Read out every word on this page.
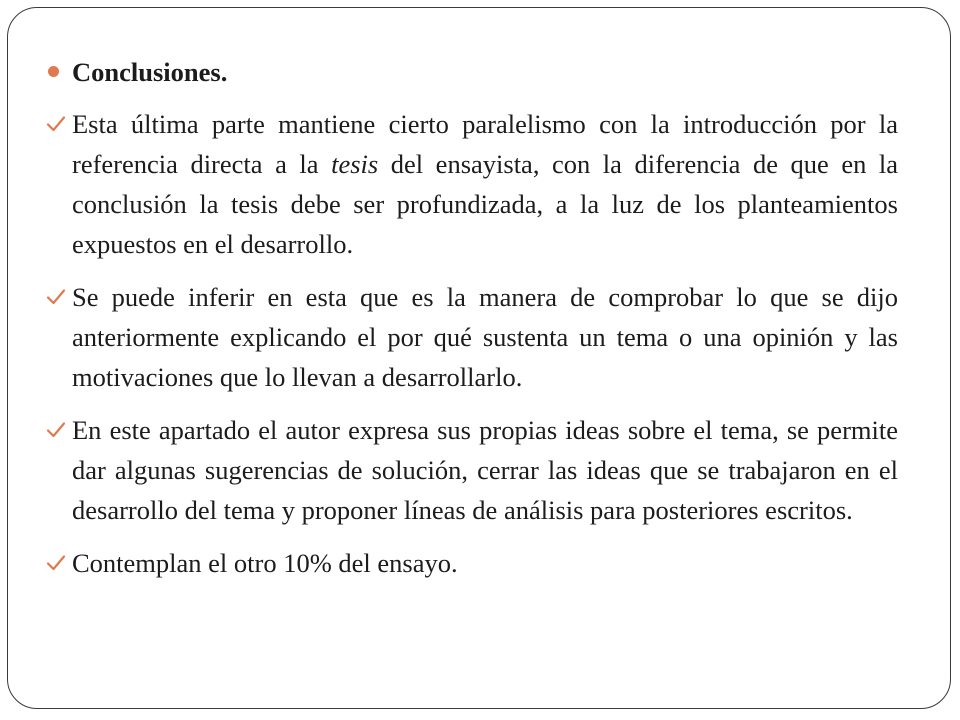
Conclusiones.
Esta última parte mantiene cierto paralelismo con la introducción por la referencia directa a la tesis del ensayista, con la diferencia de que en la conclusión la tesis debe ser profundizada, a la luz de los planteamientos expuestos en el desarrollo.
Se puede inferir en esta que es la manera de comprobar lo que se dijo anteriormente explicando el por qué sustenta un tema o una opinión y las motivaciones que lo llevan a desarrollarlo.
En este apartado el autor expresa sus propias ideas sobre el tema, se permite dar algunas sugerencias de solución, cerrar las ideas que se trabajaron en el desarrollo del tema y proponer líneas de análisis para posteriores escritos.
Contemplan el otro 10% del ensayo.
